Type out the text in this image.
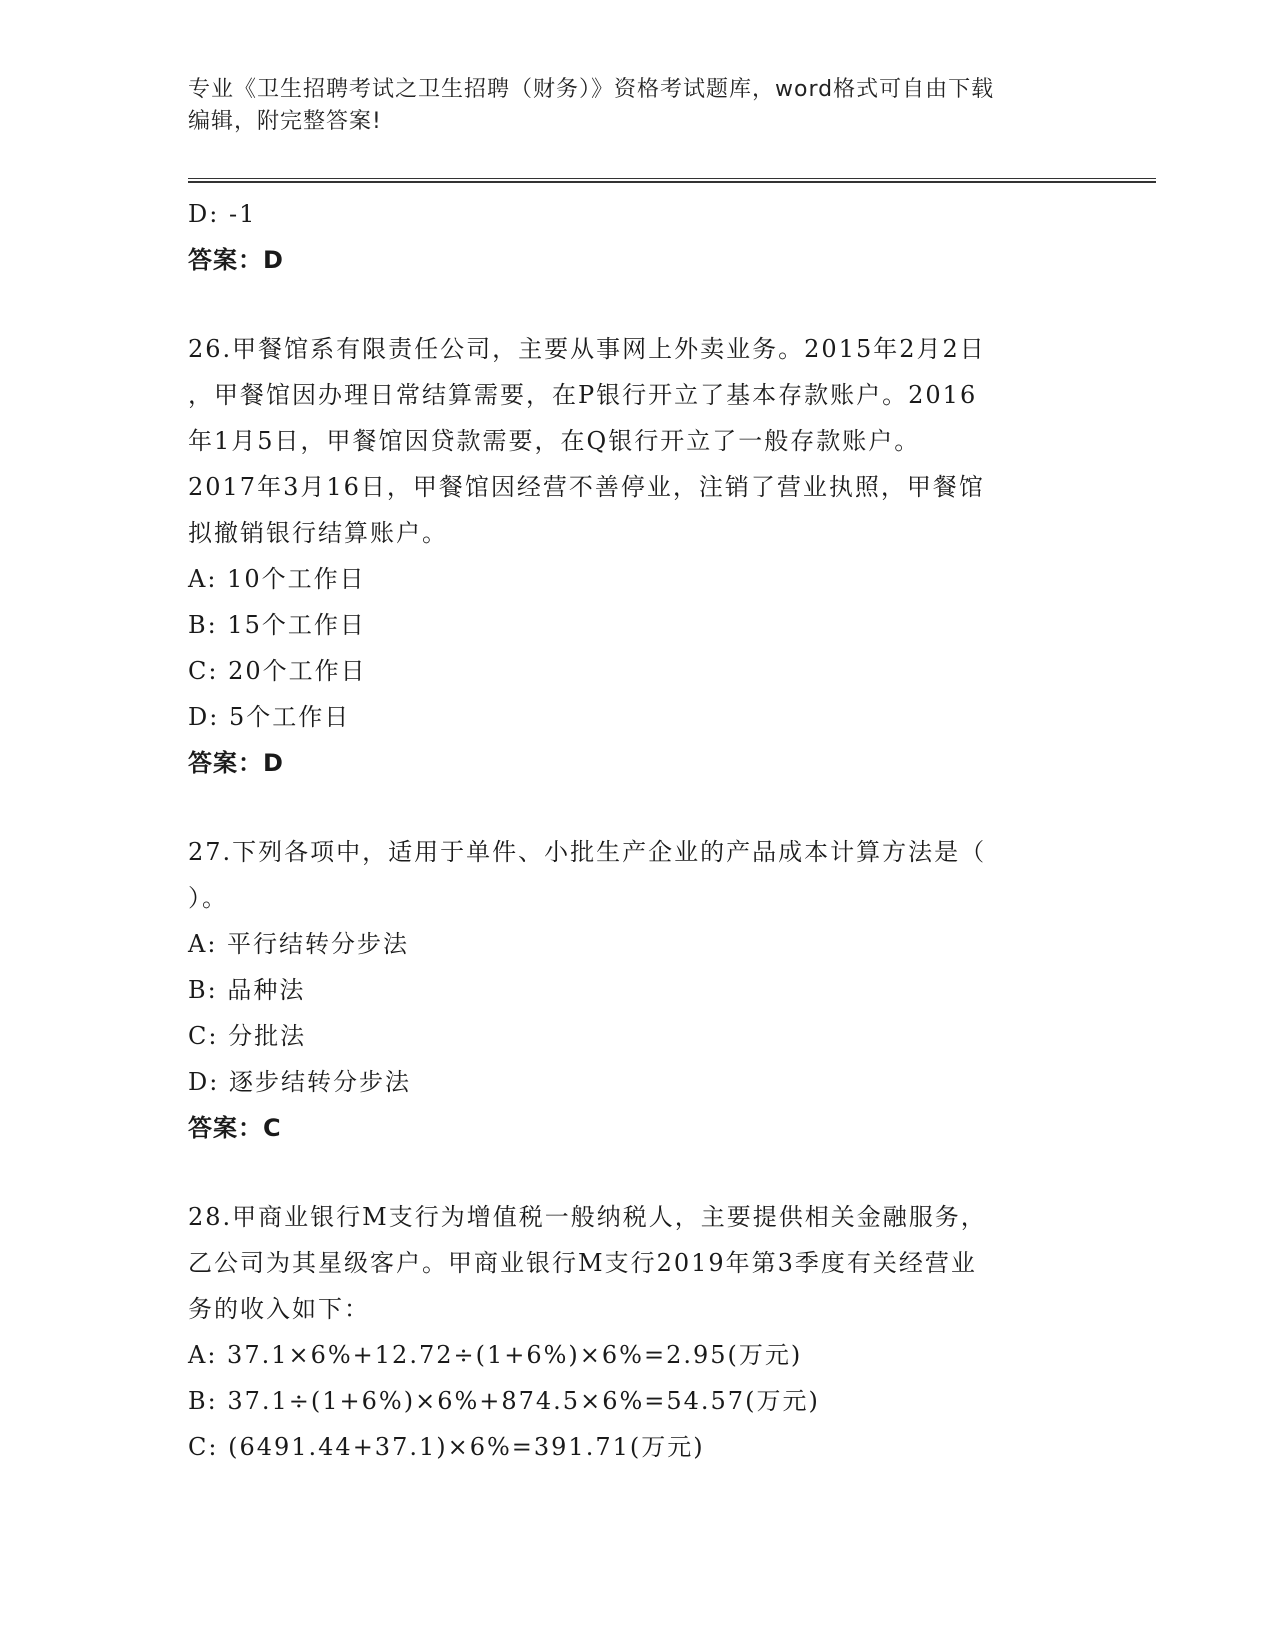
专业《卫生招聘考试之卫生招聘（财务）》资格考试题库，word格式可自由下载
编辑，附完整答案!
D: -1
答案：D
26.甲餐馆系有限责任公司，主要从事网上外卖业务。2015年2月2日
，甲餐馆因办理日常结算需要，在P银行开立了基本存款账户。2016
年1月5日，甲餐馆因贷款需要，在Q银行开立了一般存款账户。
2017年3月16日，甲餐馆因经营不善停业，注销了营业执照，甲餐馆
拟撤销银行结算账户。
A: 10个工作日
B: 15个工作日
C: 20个工作日
D: 5个工作日
答案：D
27.下列各项中，适用于单件、小批生产企业的产品成本计算方法是（
）。
A: 平行结转分步法
B: 品种法
C: 分批法
D: 逐步结转分步法
答案：C
28.甲商业银行M支行为增值税一般纳税人，主要提供相关金融服务，
乙公司为其星级客户。甲商业银行M支行2019年第3季度有关经营业
务的收入如下：
A: 37.1×6%+12.72÷(1+6%)×6%=2.95(万元)
B: 37.1÷(1+6%)×6%+874.5×6%=54.57(万元)
C: (6491.44+37.1)×6%=391.71(万元)
